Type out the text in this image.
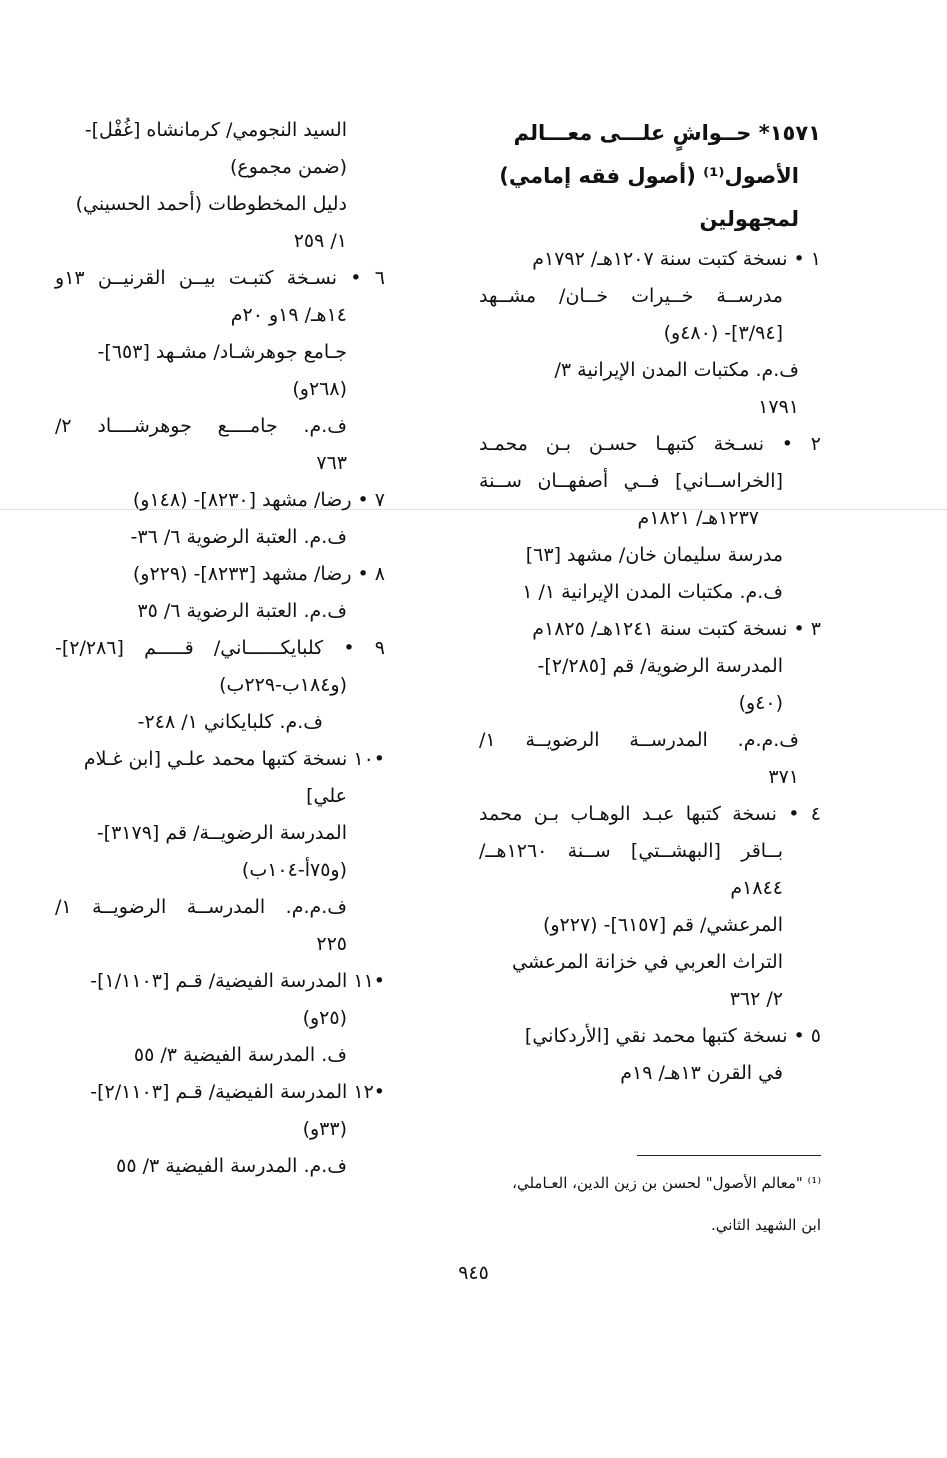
١٥٧١* حــواشٍ علـــى معـــالم
الأصول⁽¹⁾ (أصول فقه إمامي)
لمجهولين
١ • نسخة كتبت سنة ١٢٠٧هـ/ ١٧٩٢م
مدرســة خــيرات خــان/ مشــهد
[٣/٩٤]- (٤٨٠و)
ف.م. مكتبات المدن الإيرانية ٣/
١٧٩١
٢ • نسـخة كتبهـا حسـن بـن محمـد
[الخراســاني] فــي أصفهــان ســنة
١٢٣٧هـ/ ١٨٢١م
مدرسة سليمان خان/ مشهد [٦٣]
ف.م. مكتبات المدن الإيرانية ١/ ١
٣ • نسخة كتبت سنة ١٢٤١هـ/ ١٨٢٥م
المدرسة الرضوية/ قم [٢/٢٨٥]-
(٤٠و)
ف.م.م. المدرســة الرضويــة ١/
٣٧١
٤ • نسخة كتبها عبـد الوهـاب بـن محمد
بــاقر [البهشــتي] ســنة ١٢٦٠هــ/
١٨٤٤م
المرعشي/ قم [٦١٥٧]- (٢٢٧و)
التراث العربي في خزانة المرعشي
٢/ ٣٦٢
٥ • نسخة كتبها محمد نقي [الأردكاني]
في القرن ١٣هـ/ ١٩م
السيد النجومي/ كرمانشاه [غُفْل]-
(ضمن مجموع)
دليل المخطوطات (أحمد الحسيني)
١/ ٢٥٩
٦ • نسـخة كتبـت بيــن القرنيــن ١٣و
١٤هـ/ ١٩و ٢٠م
جـامع جوهرشـاد/ مشـهد [٦٥٣]-
(٢٦٨و)
ف.م. جامــــع جوهرشــــاد ٢/
٧٦٣
٧ • رضا/ مشهد [٨٢٣٠]- (١٤٨و)
ف.م. العتبة الرضوية ٦/ ٣٦-
٨ • رضا/ مشهد [٨٢٣٣]- (٢٢٩و)
ف.م. العتبة الرضوية ٦/ ٣٥
٩ • كلبايكــــــاني/ قـــــم [٢/٢٨٦]-
(و١٨٤ب-٢٢٩ب)
ف.م. كلبايكاني ١/ ٢٤٨-
•١٠ نسخة كتبها محمد علـي [ابن غـلام
علي]
المدرسة الرضويــة/ قم [٣١٧٩]-
(و٧٥أ-١٠٤ب)
ف.م.م. المدرســة الرضويــة ١/
٢٢٥
•١١ المدرسة الفيضية/ قـم [١/١١٠٣]-
(٢٥و)
ف. المدرسة الفيضية ٣/ ٥٥
•١٢ المدرسة الفيضية/ قـم [٢/١١٠٣]-
(٣٣و)
ف.م. المدرسة الفيضية ٣/ ٥٥
⁽¹⁾ "معالم الأصول" لحسن بن زين الدين، العـاملي،
ابن الشهيد الثاني.
٩٤٥
